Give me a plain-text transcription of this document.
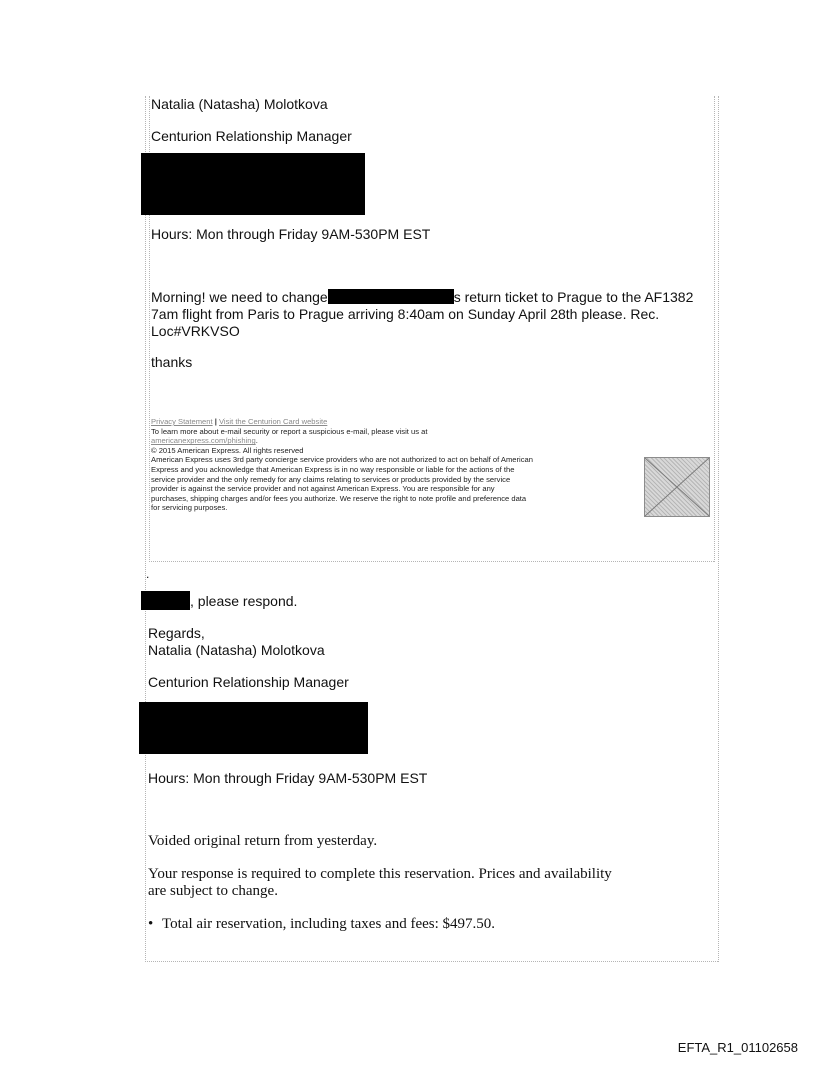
Natalia (Natasha) Molotkova
Centurion Relationship Manager
Hours: Mon through Friday 9AM-530PM EST
Morning! we need to change	s return ticket to Prague to the AF1382
7am flight from Paris to Prague arriving 8:40am on Sunday April 28th please. Rec.
Loc#VRKVSO
thanks
Privacy Statement | Visit the Centurion Card website
To learn more about e-mail security or report a suspicious e-mail, please visit us at
americanexpress.com/phishing.
© 2015 American Express. All rights reserved
American Express uses 3rd party concierge service providers who are not authorized to act on behalf of American
Express and you acknowledge that American Express is in no way responsible or liable for the actions of the
service provider and the only remedy for any claims relating to services or products provided by the service
provider is against the service provider and not against American Express. You are responsible for any
purchases, shipping charges and/or fees you authorize. We reserve the right to note profile and preference data
for servicing purposes.
.
, please respond.
Regards,
Natalia (Natasha) Molotkova
Centurion Relationship Manager
Hours: Mon through Friday 9AM-530PM EST
Voided original return from yesterday.
Your response is required to complete this reservation. Prices and availability
are subject to change.
• Total air reservation, including taxes and fees: $497.50.
EFTA_R1_01102658
